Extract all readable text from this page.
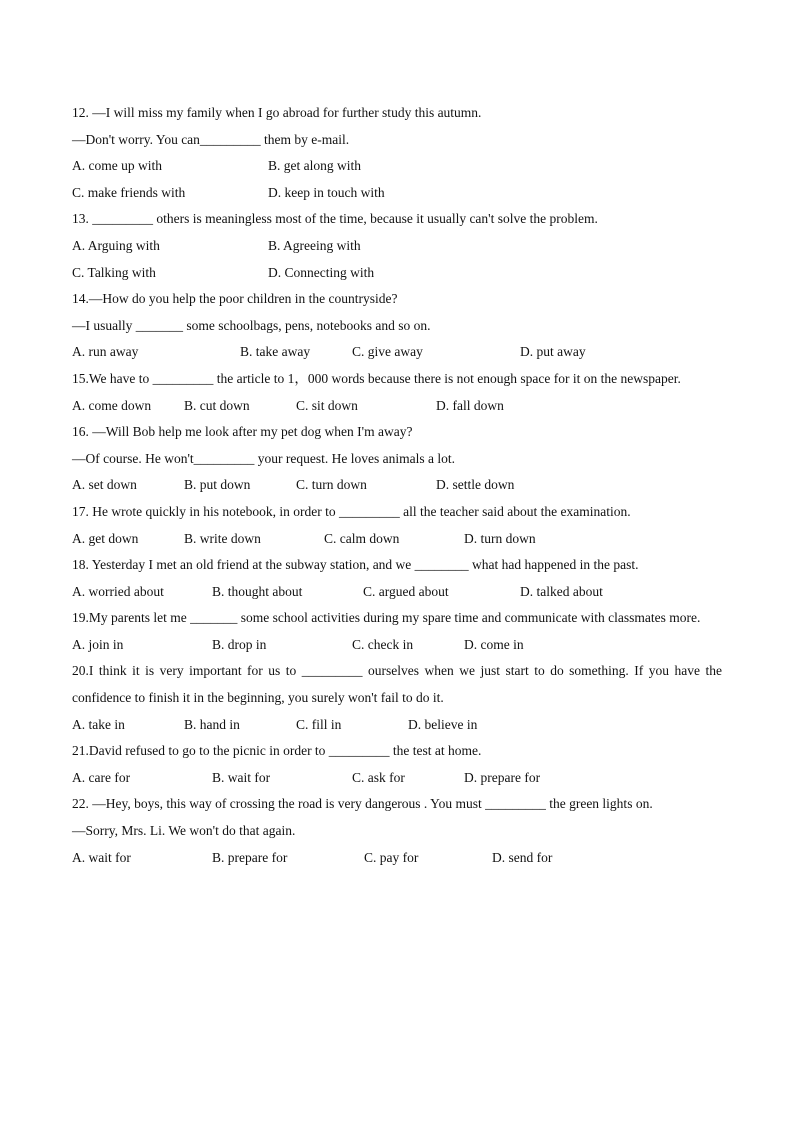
12. —I will miss my family when I go abroad for further study this autumn.
—Don't worry. You can_________ them by e-mail.
A. come up with	B. get along with
C. make friends with	D. keep in touch with
13. _________ others is meaningless most of the time, because it usually can't solve the problem.
A. Arguing with	B. Agreeing with
C. Talking with	D. Connecting with
14.—How do you help the poor children in the countryside?
—I usually _______ some schoolbags, pens, notebooks and so on.
A. run away	B. take away	C. give away	D. put away
15.We have to _________ the article to 1，000 words because there is not enough space for it on the newspaper.
A. come down B. cut down	C. sit down	D. fall down
16. —Will Bob help me look after my pet dog when I'm away?
—Of course. He won't_________ your request. He loves animals a lot.
A. set down	B. put down	C. turn down	D. settle down
17. He wrote quickly in his notebook, in order to _________ all the teacher said about the examination.
A. get down	B. write down	C. calm down	D. turn down
18. Yesterday I met an old friend at the subway station, and we ________ what had happened in the past.
A. worried about	B. thought about	C. argued about	D. talked about
19.My parents let me _______ some school activities during my spare time and communicate with classmates more.
A. join in	B. drop in	C. check in	D. come in
20.I think it is very important for us to _________ ourselves when we just start to do something. If you have the confidence to finish it in the beginning, you surely won't fail to do it.
A. take in	B. hand in	C. fill in	D. believe in
21.David refused to go to the picnic in order to _________ the test at home.
A. care for	B. wait for	C. ask for	D. prepare for
22. —Hey, boys, this way of crossing the road is very dangerous . You must _________ the green lights on.
—Sorry, Mrs. Li. We won't do that again.
A. wait for	B. prepare for	C. pay for	D. send for
